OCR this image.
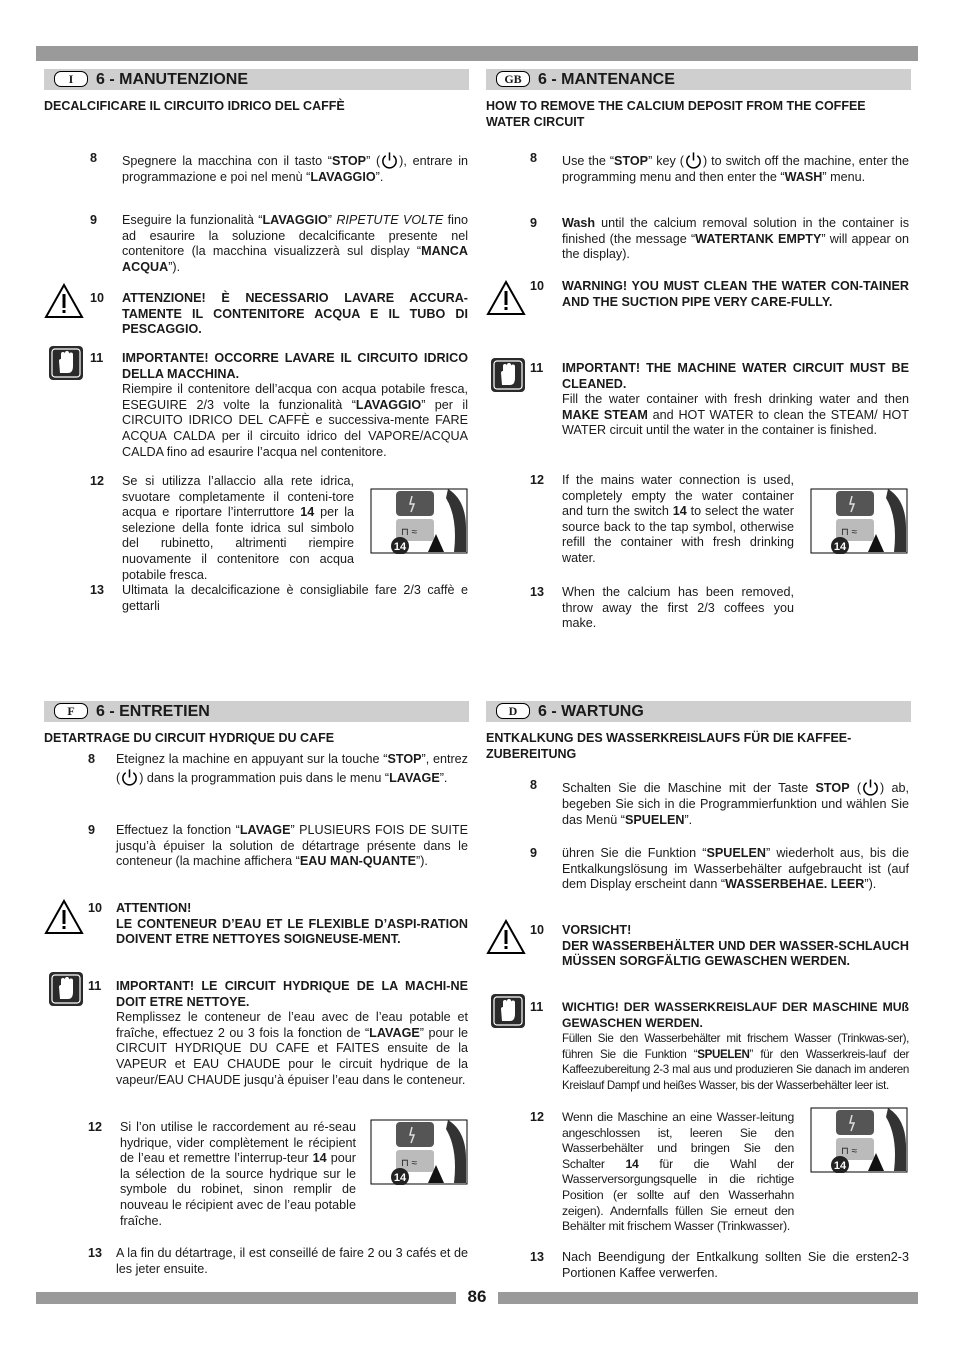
I	6 - MANUTENZIONE
DECALCIFICARE IL CIRCUITO IDRICO DEL CAFFÈ
8 Spegnere la macchina con il tasto “STOP” ( ), entrare in programmazione e poi nel menù “LAVAGGIO”.
9 Eseguire la funzionalità “LAVAGGIO” RIPETUTE VOLTE fino ad esaurire la soluzione decalcificante presente nel contenitore (la macchina visualizzerà sul display “MANCA ACQUA”).
10 ATTENZIONE! È NECESSARIO LAVARE ACCURA-TAMENTE IL CONTENITORE ACQUA E IL TUBO DI PESCAGGIO.
11 IMPORTANTE! OCCORRE LAVARE IL CIRCUITO IDRICO DELLA MACCHINA.
Riempire il contenitore dell’acqua con acqua potabile fresca, ESEGUIRE 2/3 volte la funzionalità “LAVAGGIO” per il CIRCUITO IDRICO DEL CAFFÈ e successiva-mente FARE ACQUA CALDA per il circuito idrico del VAPORE/ACQUA CALDA fino ad esaurire l’acqua nel contenitore.
12 Se si utilizza l’allaccio alla rete idrica, svuotare completamente il conteni-tore acqua e riportare l’interruttore 14 per la selezione della fonte idrica sul simbolo del rubinetto, altrimenti riempire nuovamente il contenitore con acqua potabile fresca.
⊓ ≈
14
13 Ultimata la decalcificazione è consigliabile fare 2/3 caffè e gettarli
GB	6 - MANTENANCE
HOW TO REMOVE THE CALCIUM DEPOSIT FROM THE COFFEE WATER CIRCUIT
8 Use the “STOP” key ( ) to switch off the machine, enter the programming menu and then enter the “WASH” menu.
9 Wash until the calcium removal solution in the container is finished (the message “WATERTANK EMPTY” will appear on the display).
10 WARNING! YOU MUST CLEAN THE WATER CON-TAINER AND THE SUCTION PIPE VERY CARE-FULLY.
11 IMPORTANT! THE MACHINE WATER CIRCUIT MUST BE CLEANED.
Fill the water container with fresh drinking water and then MAKE STEAM and HOT WATER to clean the STEAM/ HOT WATER circuit until the water in the container is finished.
12 If the mains water connection is used, completely empty the water container and turn the switch 14 to select the water source back to the tap symbol, otherwise refill the container with fresh drinking water.
⊓ ≈
14
13 When the calcium has been removed, throw away the first 2/3 coffees you make.
F	6 - ENTRETIEN
DETARTRAGE DU CIRCUIT HYDRIQUE DU CAFE
8 Eteignez la machine en appuyant sur la touche “STOP”, entrez ( ) dans la programmation puis dans le menu “LAVAGE”.
9 Effectuez la fonction “LAVAGE” PLUSIEURS FOIS DE SUITE jusqu’à épuiser la solution de détartrage présente dans le conteneur (la machine affichera “EAU MAN-QUANTE”).
10 ATTENTION!
LE CONTENEUR D’EAU ET LE FLEXIBLE D’ASPI-RATION DOIVENT ETRE NETTOYES SOIGNEUSE-MENT.
11 IMPORTANT! LE CIRCUIT HYDRIQUE DE LA MACHI-NE DOIT ETRE NETTOYE.
Remplissez le conteneur de l’eau avec de l’eau potable et fraîche, effectuez 2 ou 3 fois la fonction de “LAVAGE” pour le CIRCUIT HYDRIQUE DU CAFE et FAITES ensuite de la VAPEUR et EAU CHAUDE pour le circuit hydrique de la vapeur/EAU CHAUDE jusqu’à épuiser l’eau dans le conteneur.
12 Si l’on utilise le raccordement au ré-seau hydrique, vider complètement le récipient de l’eau et remettre l’interrup-teur 14 pour la sélection de la source hydrique sur le symbole du robinet, sinon remplir de nouveau le récipient avec de l’eau potable fraîche.
⊓ ≈
14
13 A la fin du détartrage, il est conseillé de faire 2 ou 3 cafés et de les jeter ensuite.
D	6 - WARTUNG
ENTKALKUNG DES WASSERKREISLAUFS FÜR DIE KAFFEE-ZUBEREITUNG
8 Schalten Sie die Maschine mit der Taste STOP ( ) ab, begeben Sie sich in die Programmierfunktion und wählen Sie das Menü “SPUELEN”.
9 ühren Sie die Funktion “SPUELEN” wiederholt aus, bis die Entkalkungslösung im Wasserbehälter aufgebraucht ist (auf dem Display erscheint dann “WASSERBEHAE. LEER”).
10 VORSICHT!
DER WASSERBEHÄLTER UND DER WASSER-SCHLAUCH MÜSSEN SORGFÄLTIG GEWASCHEN WERDEN.
11 WICHTIG! DER WASSERKREISLAUF DER MASCHINE MUß GEWASCHEN WERDEN.
Füllen Sie den Wasserbehälter mit frischem Wasser (Trinkwas-ser), führen Sie die Funktion “SPUELEN” für den Wasserkreis-lauf der Kaffeezubereitung 2-3 mal aus und produzieren Sie danach im anderen Kreislauf Dampf und heißes Wasser, bis der Wasserbehälter leer ist.
12 Wenn die Maschine an eine Wasser-leitung angeschlossen ist, leeren Sie den Wasserbehälter und bringen Sie den Schalter 14 für die Wahl der Wasserversorgungsquelle in die richtige Position (er sollte auf den Wasserhahn zeigen). Andernfalls füllen Sie erneut den Behälter mit frischem Wasser (Trinkwasser).
⊓ ≈
14
13 Nach Beendigung der Entkalkung sollten Sie die ersten2-3 Portionen Kaffee verwerfen.
86
